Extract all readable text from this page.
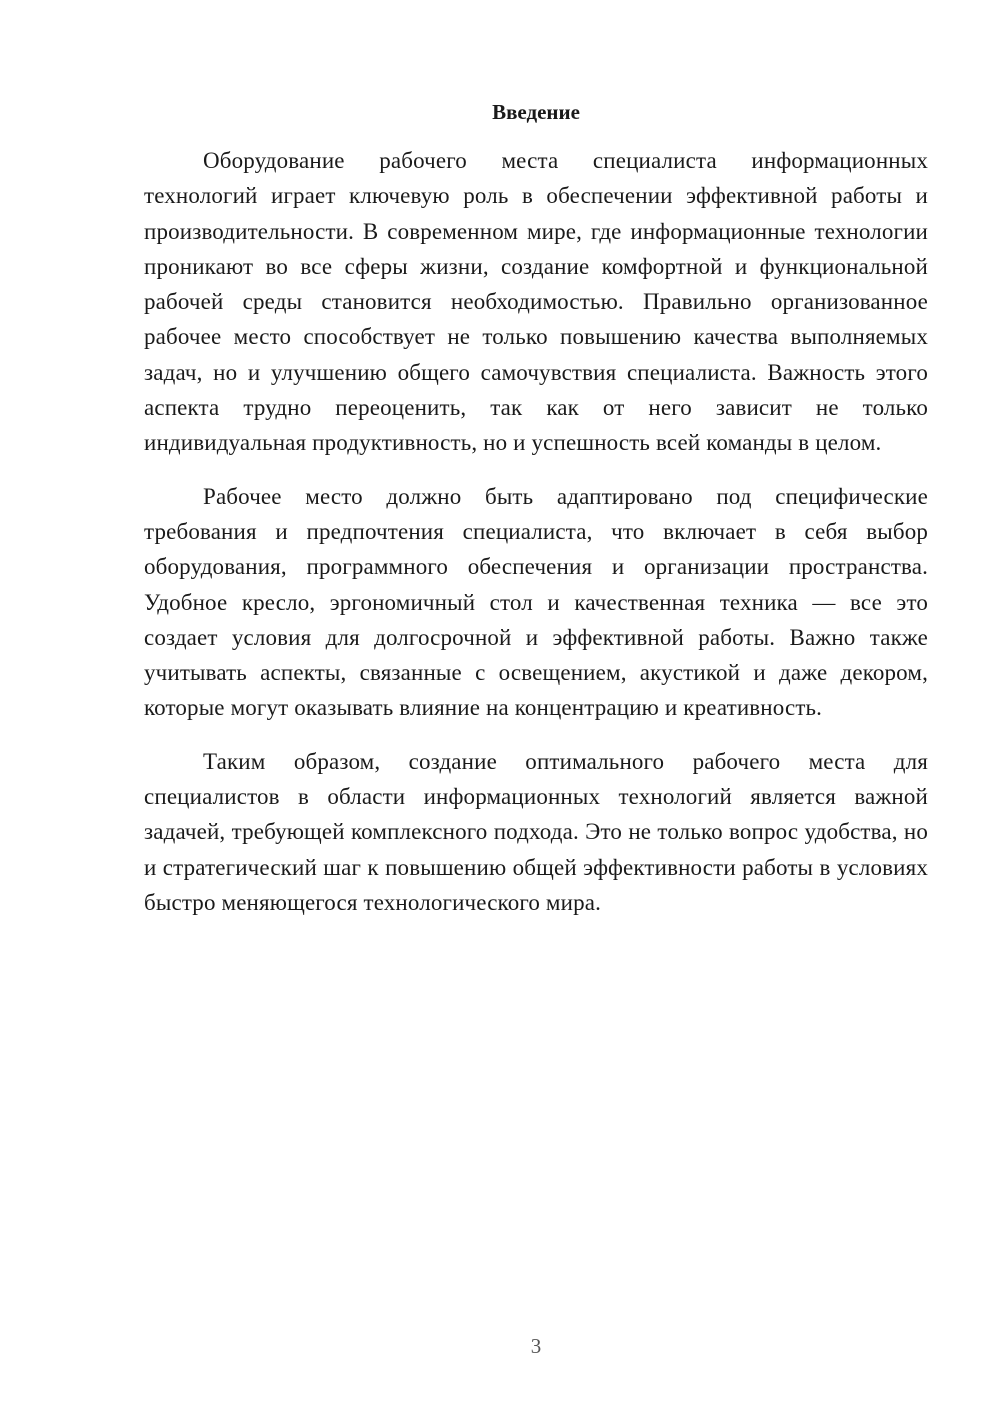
Введение

Оборудование рабочего места специалиста информационных технологий играет ключевую роль в обеспечении эффективной работы и производительности. В современном мире, где информационные технологии проникают во все сферы жизни, создание комфортной и функциональной рабочей среды становится необходимостью. Правильно организованное рабочее место способствует не только повышению качества выполняемых задач, но и улучшению общего самочувствия специалиста. Важность этого аспекта трудно переоценить, так как от него зависит не только индивидуальная продуктивность, но и успешность всей команды в целом.

Рабочее место должно быть адаптировано под специфические требования и предпочтения специалиста, что включает в себя выбор оборудования, программного обеспечения и организации пространства. Удобное кресло, эргономичный стол и качественная техника — все это создает условия для долгосрочной и эффективной работы. Важно также учитывать аспекты, связанные с освещением, акустикой и даже декором, которые могут оказывать влияние на концентрацию и креативность.

Таким образом, создание оптимального рабочего места для специалистов в области информационных технологий является важной задачей, требующей комплексного подхода. Это не только вопрос удобства, но и стратегический шаг к повышению общей эффективности работы в условиях быстро меняющегося технологического мира.

3
